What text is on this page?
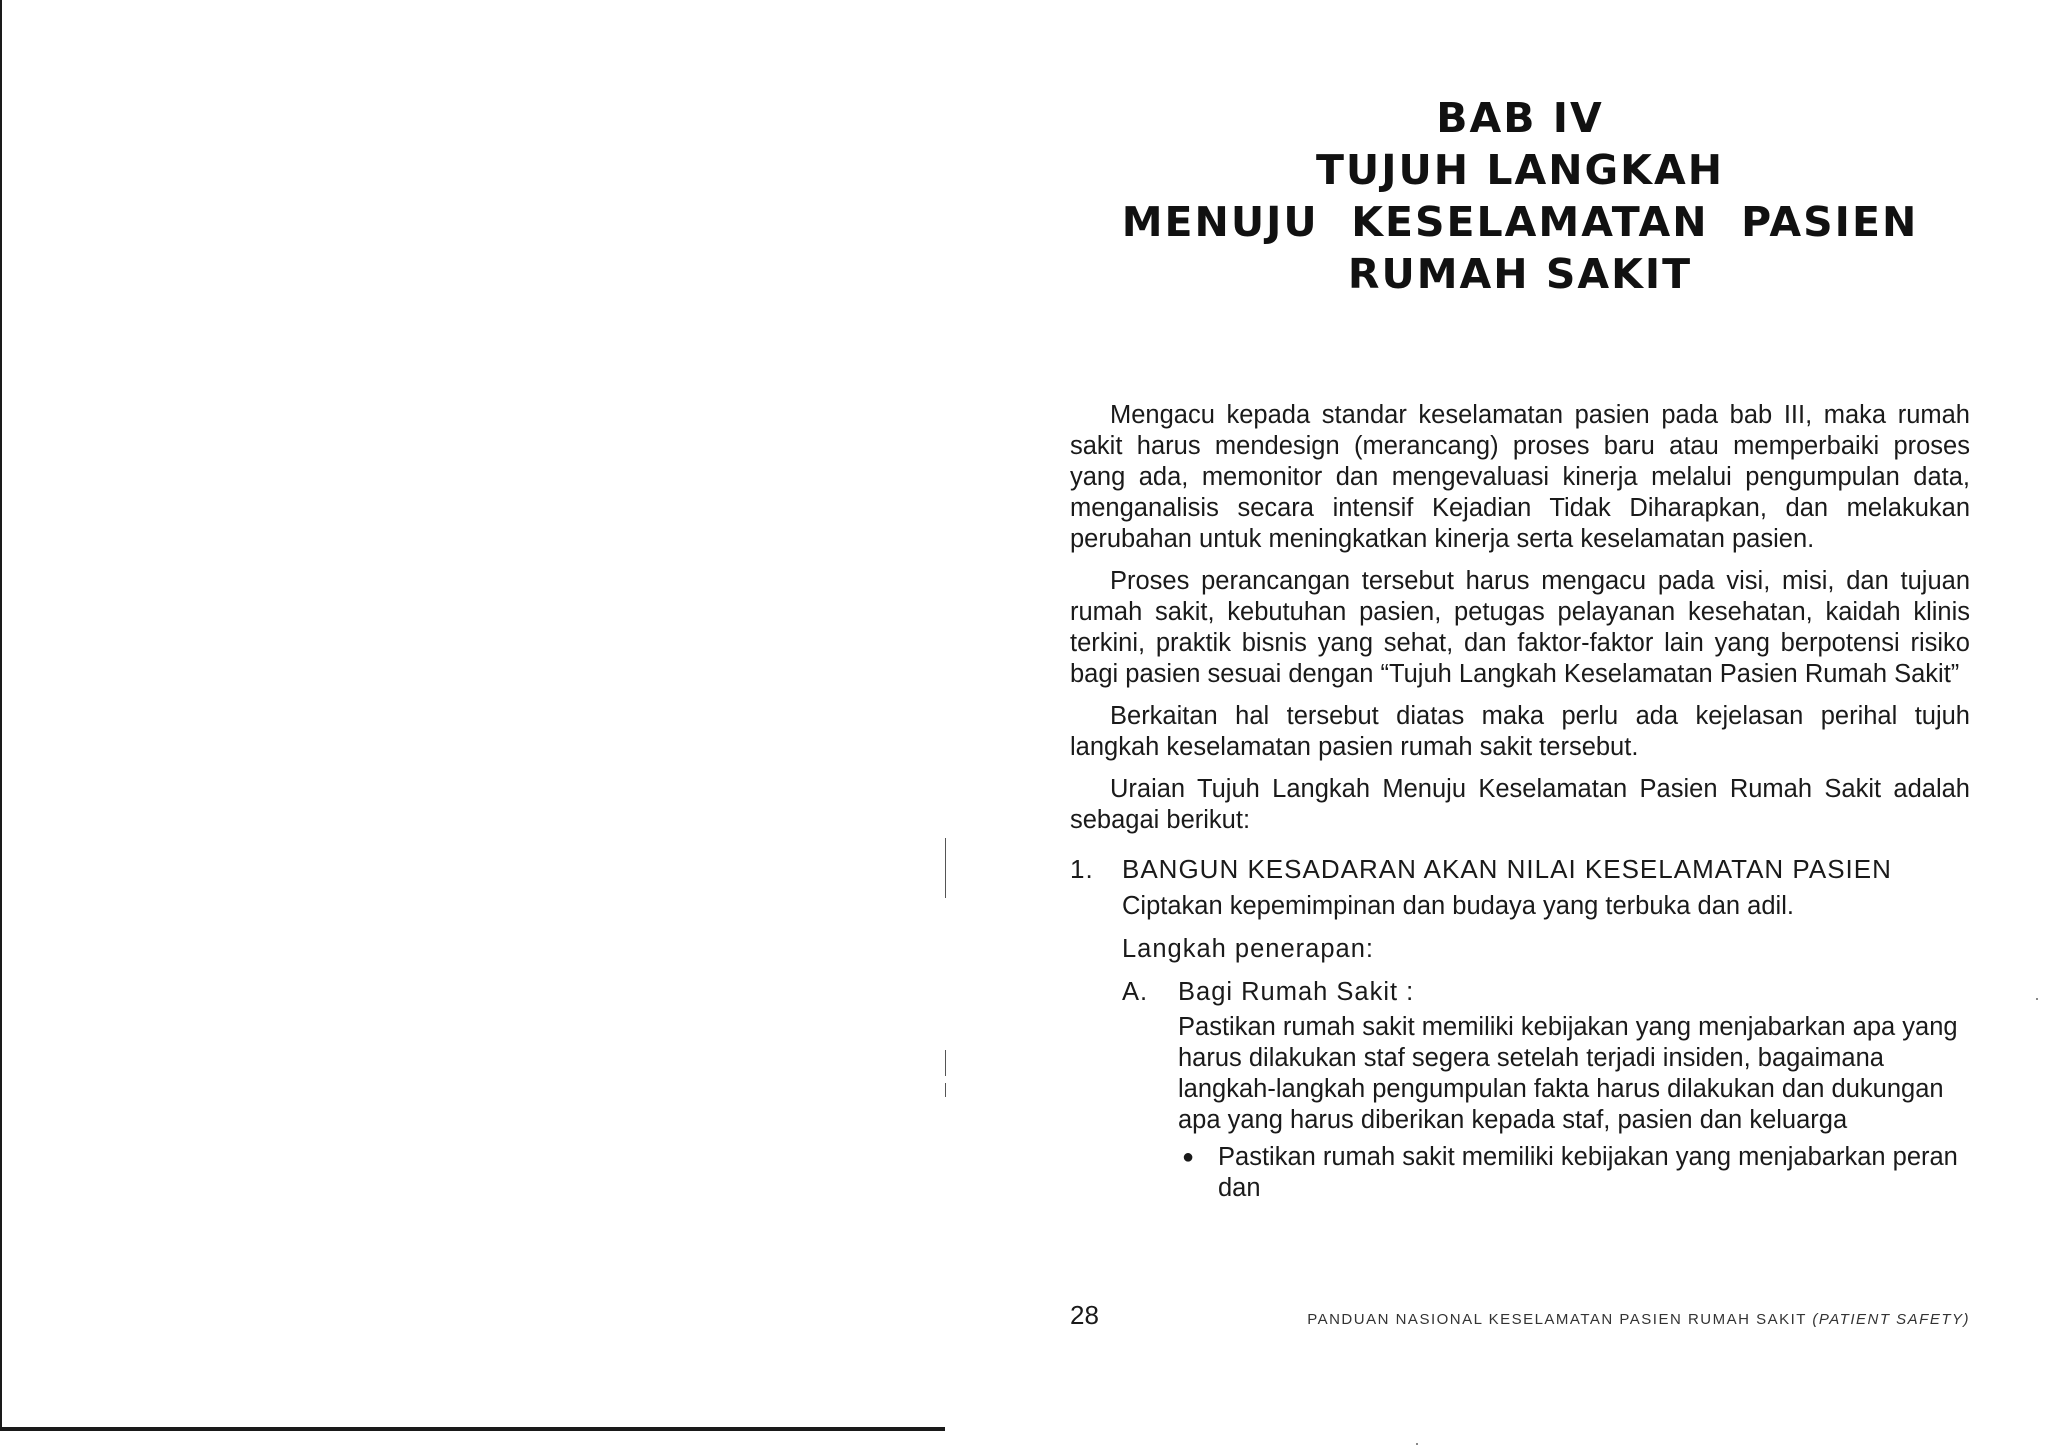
BAB IV
TUJUH LANGKAH
MENUJU  KESELAMATAN  PASIEN
RUMAH SAKIT

Mengacu kepada standar keselamatan pasien pada bab III, maka rumah sakit harus mendesign (merancang) proses baru atau memperbaiki proses yang ada, memonitor dan mengevaluasi kinerja melalui pengumpulan data, menganalisis secara intensif Kejadian Tidak Diharapkan, dan melakukan perubahan untuk meningkatkan kinerja serta keselamatan pasien.

Proses perancangan tersebut harus mengacu pada visi, misi, dan tujuan rumah sakit, kebutuhan pasien, petugas pelayanan kesehatan, kaidah klinis terkini, praktik bisnis yang sehat, dan faktor-faktor lain yang berpotensi risiko bagi pasien sesuai dengan “Tujuh Langkah Keselamatan Pasien Rumah Sakit”

Berkaitan hal tersebut diatas maka perlu ada kejelasan perihal tujuh langkah keselamatan pasien rumah sakit tersebut.

Uraian Tujuh Langkah Menuju Keselamatan Pasien Rumah Sakit adalah sebagai berikut:

1.	BANGUN KESADARAN AKAN NILAI KESELAMATAN PASIEN
Ciptakan kepemimpinan dan budaya yang terbuka dan adil.
Langkah penerapan:
A.	Bagi Rumah Sakit :

Pastikan rumah sakit memiliki kebijakan yang menjabarkan apa yang harus dilakukan staf segera setelah terjadi insiden, bagaimana langkah-langkah pengumpulan fakta harus dilakukan dan dukungan apa yang harus diberikan kepada staf, pasien dan keluarga

● Pastikan rumah sakit memiliki kebijakan yang menjabarkan peran dan
28	PANDUAN NASIONAL KESELAMATAN PASIEN RUMAH SAKIT (PATIENT SAFETY)
